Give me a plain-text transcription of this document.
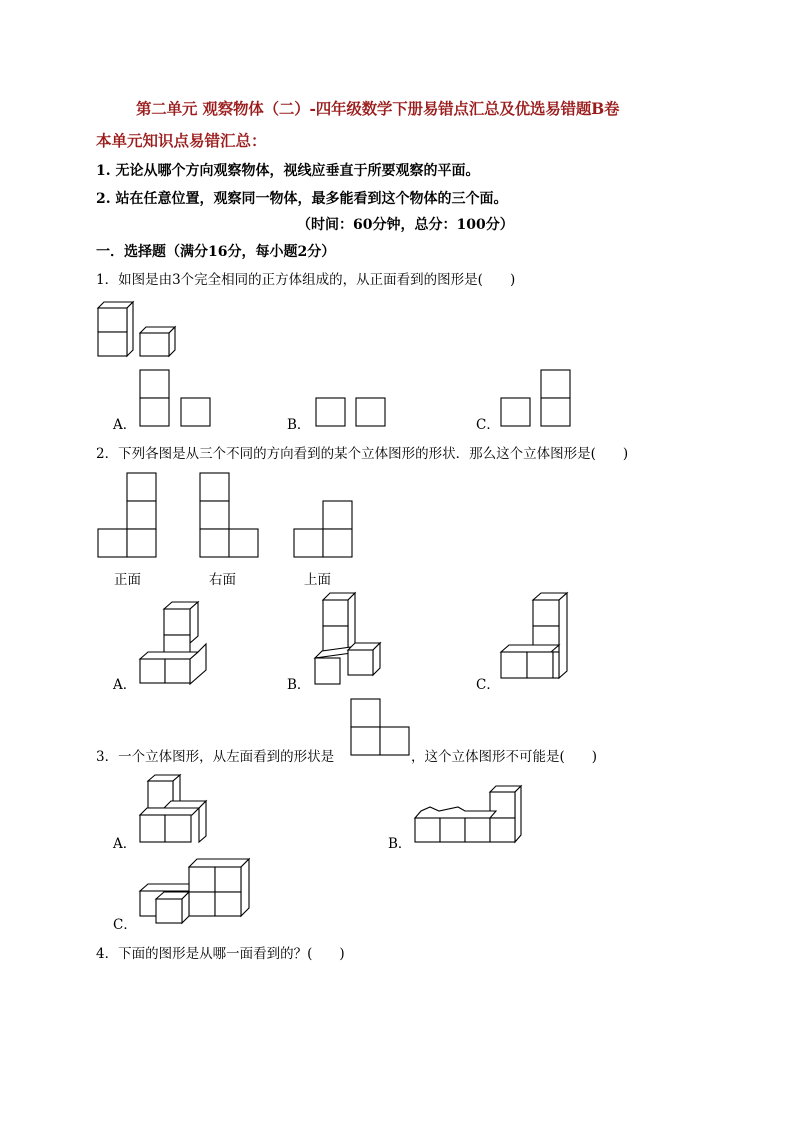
第二单元 观察物体（二）-四年级数学下册易错点汇总及优选易错题B卷
本单元知识点易错汇总：
1. 无论从哪个方向观察物体，视线应垂直于所要观察的平面。
2. 站在任意位置，观察同一物体，最多能看到这个物体的三个面。
（时间：60分钟，总分：100分）
一．选择题（满分16分，每小题2分）
1．如图是由3个完全相同的正方体组成的，从正面看到的图形是(　　)
A．	B．	C．
2．下列各图是从三个不同的方向看到的某个立体图形的形状．那么这个立体图形是(　　)
正面	右面	上面
A．	B．	C．
3．一个立体图形，从左面看到的形状是	，这个立体图形不可能是(　　)
A．	B．
C．
4．下面的图形是从哪一面看到的？(　　)
